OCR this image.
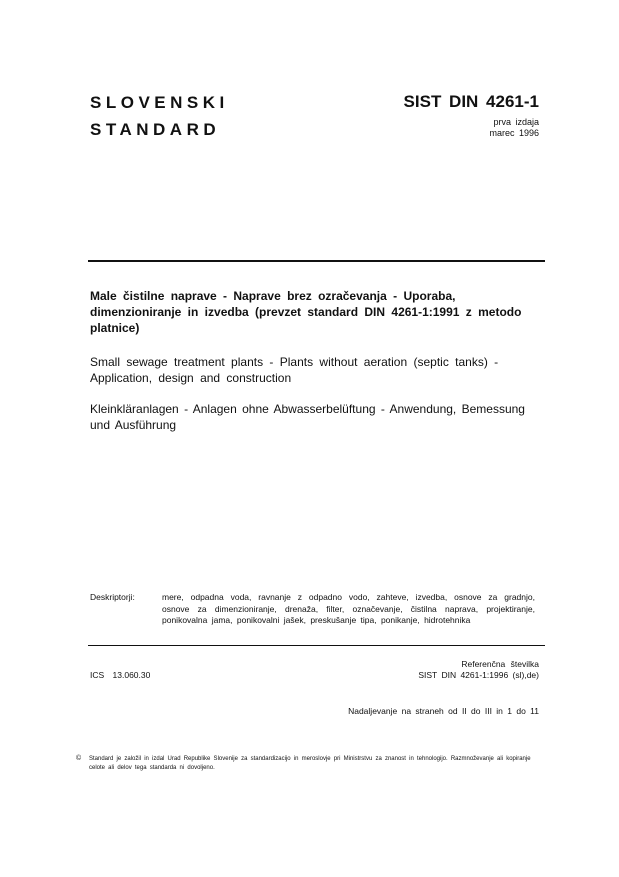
SLOVENSKI
STANDARD
SIST DIN 4261-1
prva izdaja
marec 1996
Male čistilne naprave - Naprave brez ozračevanja - Uporaba, dimenzioniranje in izvedba (prevzet standard DIN 4261-1:1991 z metodo platnice)
Small sewage treatment plants - Plants without aeration (septic tanks) - Application, design and construction
Kleinkläranlagen - Anlagen ohne Abwasserbelüftung - Anwendung, Bemessung und Ausführung
Deskriptorji:	mere, odpadna voda, ravnanje z odpadno vodo, zahteve, izvedba, osnove za gradnjo, osnove za dimenzioniranje, drenaža, filter, označevanje, čistilna naprava, projektiranje, ponikovalna jama, ponikovalni jašek, preskušanje tipa, ponikanje, hidrotehnika
ICS 13.060.30
Referenčna številka
SIST DIN 4261-1:1996 (sl),de)
Nadaljevanje na straneh od II do III in 1 do 11
© Standard je založil in izdal Urad Republike Slovenije za standardizacijo in meroslovje pri Ministrstvu za znanost in tehnologijo. Razmnoževanje ali kopiranje celote ali delov tega standarda ni dovoljeno.
